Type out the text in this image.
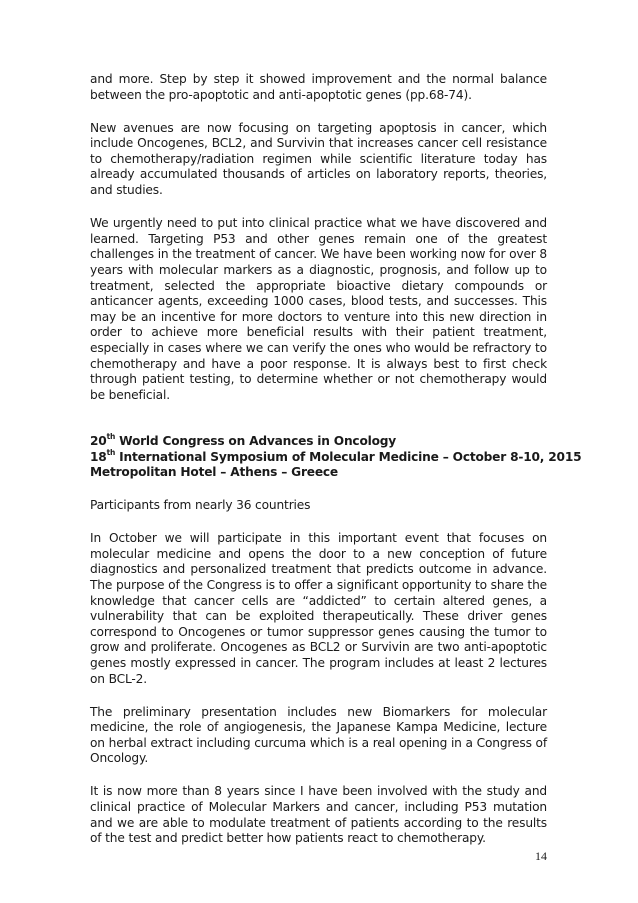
and more. Step by step it showed improvement and the normal balance between the pro-apoptotic and anti-apoptotic genes (pp.68-74).

New avenues are now focusing on targeting apoptosis in cancer, which include Oncogenes, BCL2, and Survivin that increases cancer cell resistance to chemotherapy/radiation regimen while scientific literature today has already accumulated thousands of articles on laboratory reports, theories, and studies.

We urgently need to put into clinical practice what we have discovered and learned. Targeting P53 and other genes remain one of the greatest challenges in the treatment of cancer. We have been working now for over 8 years with molecular markers as a diagnostic, prognosis, and follow up to treatment, selected the appropriate bioactive dietary compounds or anticancer agents, exceeding 1000 cases, blood tests, and successes. This may be an incentive for more doctors to venture into this new direction in order to achieve more beneficial results with their patient treatment, especially in cases where we can verify the ones who would be refractory to chemotherapy and have a poor response. It is always best to first check through patient testing, to determine whether or not chemotherapy would be beneficial.

20th World Congress on Advances in Oncology
18th International Symposium of Molecular Medicine – October 8-10, 2015
Metropolitan Hotel – Athens – Greece

Participants from nearly 36 countries

In October we will participate in this important event that focuses on molecular medicine and opens the door to a new conception of future diagnostics and personalized treatment that predicts outcome in advance. The purpose of the Congress is to offer a significant opportunity to share the knowledge that cancer cells are “addicted” to certain altered genes, a vulnerability that can be exploited therapeutically. These driver genes correspond to Oncogenes or tumor suppressor genes causing the tumor to grow and proliferate. Oncogenes as BCL2 or Survivin are two anti-apoptotic genes mostly expressed in cancer. The program includes at least 2 lectures on BCL-2.

The preliminary presentation includes new Biomarkers for molecular medicine, the role of angiogenesis, the Japanese Kampa Medicine, lecture on herbal extract including curcuma which is a real opening in a Congress of Oncology.

It is now more than 8 years since I have been involved with the study and clinical practice of Molecular Markers and cancer, including P53 mutation and we are able to modulate treatment of patients according to the results of the test and predict better how patients react to chemotherapy.

14
